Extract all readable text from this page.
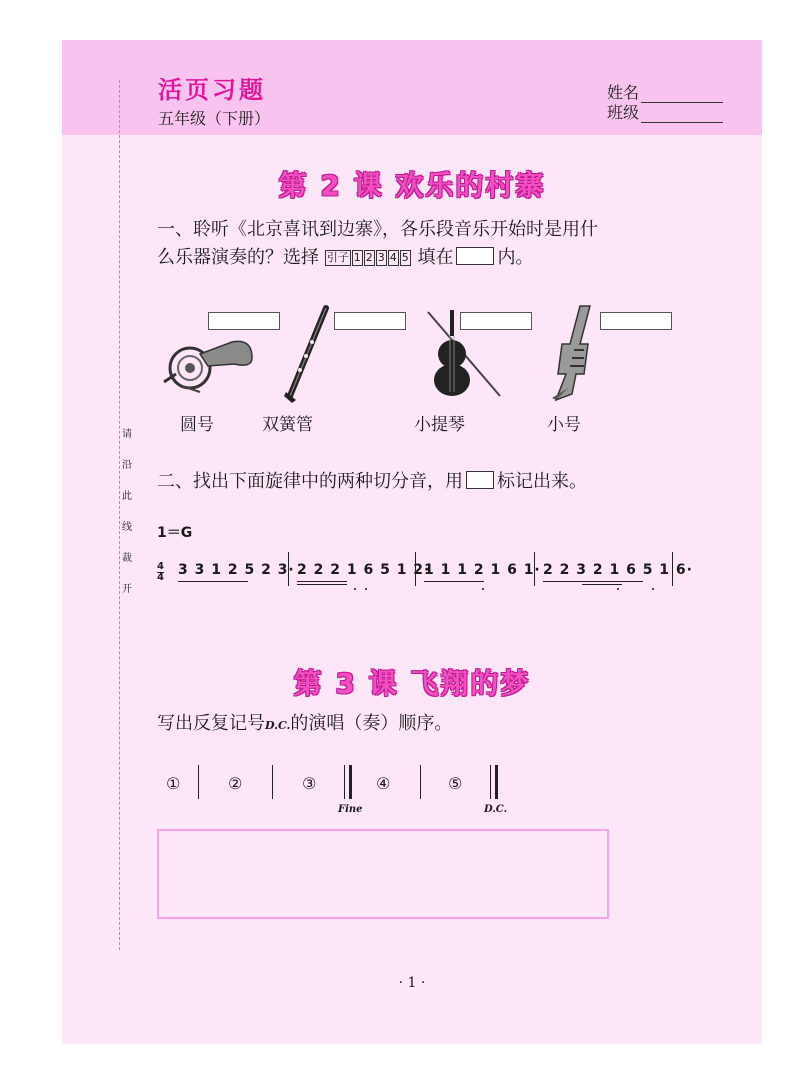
活页习题
五年级（下册）
姓名
班级
请
沿
此
线
裁
开
第 2 课 欢乐的村寨
一、聆听《北京喜讯到边寨》，各乐段音乐开始时是用什
么乐器演奏的？选择 引子 1 2 3 4 5 填在 内。
圆号	双簧管	小提琴	小号
二、找出下面旋律中的两种切分音，用 标记出来。
1＝G
4
4 3 3 1 2 5 2 3· 2 2 2 1 6 5 1 2·
1 1 1 2 1 6 1· 2 2 3 2 1 6 5 1 6·
第 3 课 飞翔的梦
写出反复记号D.C.的演唱（奏）顺序。
①	②	③
Fine
④	⑤
D.C.
· 1 ·
